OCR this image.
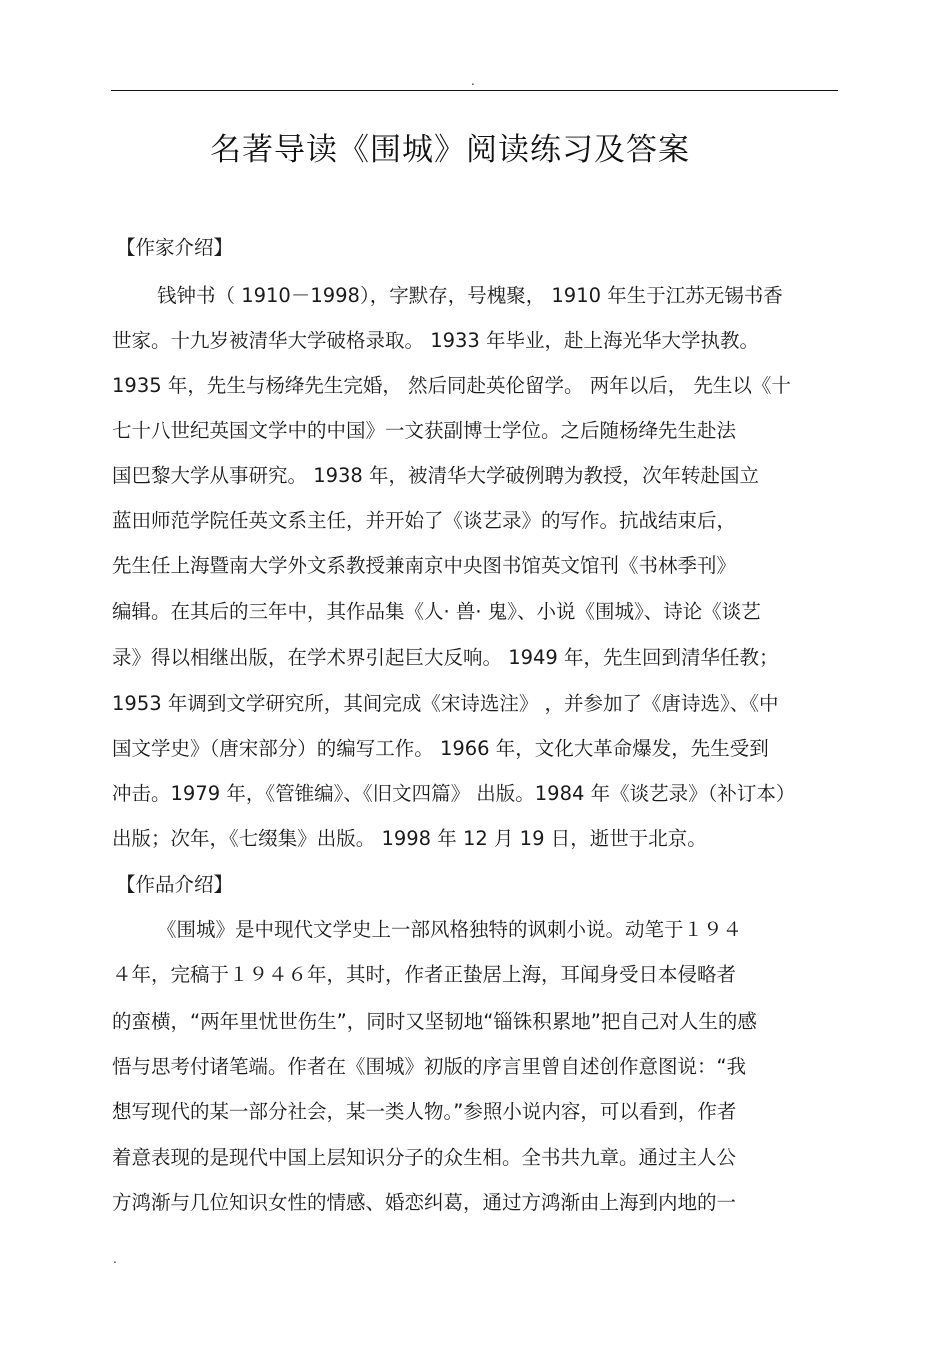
.
名著导读《围城》阅读练习及答案
【作家介绍】
钱钟书（ 1910－1998），字默存，号槐聚， 1910 年生于江苏无锡书香
世家。十九岁被清华大学破格录取。 1933 年毕业，赴上海光华大学执教。
1935 年，先生与杨绛先生完婚， 然后同赴英伦留学。 两年以后， 先生以《十
七十八世纪英国文学中的中国》一文获副博士学位。之后随杨绛先生赴法
国巴黎大学从事研究。 1938 年，被清华大学破例聘为教授，次年转赴国立
蓝田师范学院任英文系主任，并开始了《谈艺录》的写作。抗战结束后，
先生任上海暨南大学外文系教授兼南京中央图书馆英文馆刊《书林季刊》
编辑。在其后的三年中，其作品集《人· 兽· 鬼》、小说《围城》、诗论《谈艺
录》得以相继出版，在学术界引起巨大反响。 1949 年，先生回到清华任教；
1953 年调到文学研究所，其间完成《宋诗选注》 ，并参加了《唐诗选》、《中
国文学史》（唐宋部分）的编写工作。 1966 年，文化大革命爆发，先生受到
冲击。1979 年，《管锥编》、《旧文四篇》 出版。1984 年《谈艺录》（补订本）
出版；次年，《七缀集》出版。 1998 年 12 月 19 日，逝世于北京。
【作品介绍】
《围城》是中现代文学史上一部风格独特的讽刺小说。动笔于１９４
４年，完稿于１９４６年，其时，作者正蛰居上海，耳闻身受日本侵略者
的蛮横，“两年里忧世伤生”，同时又坚韧地“锱铢积累地”把自己对人生的感
悟与思考付诸笔端。作者在《围城》初版的序言里曾自述创作意图说：“我
想写现代的某一部分社会，某一类人物。”参照小说内容，可以看到，作者
着意表现的是现代中国上层知识分子的众生相。全书共九章。通过主人公
方鸿渐与几位知识女性的情感、婚恋纠葛，通过方鸿渐由上海到内地的一
.
